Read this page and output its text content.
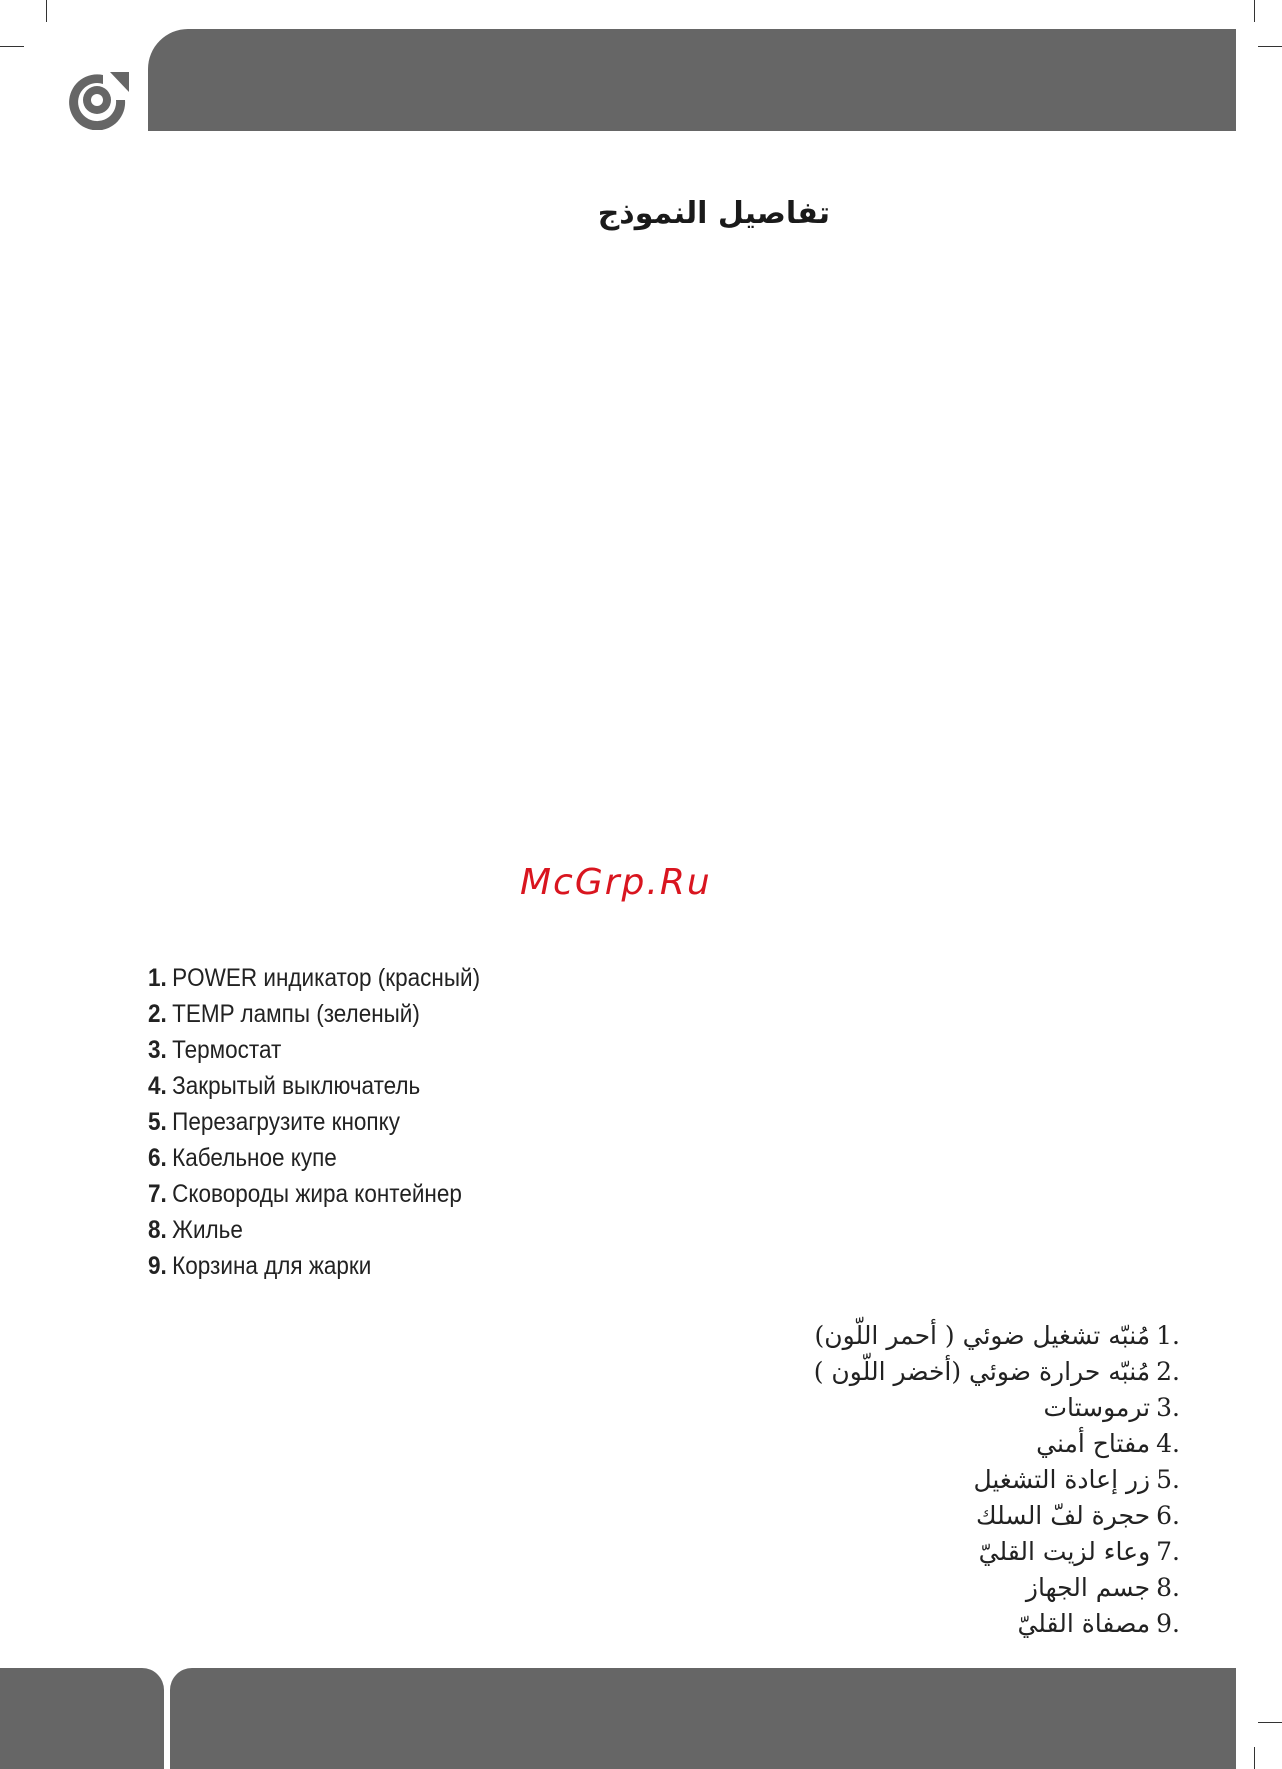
تفاصيل النموذج
McGrp.Ru
1. POWER индикатор (красный)
2. TEMP лампы (зеленый)
3. Термостат
4. Закрытый выключатель
5. Перезагрузите кнопку
6. Кабельное купе
7. Сковороды жира контейнер
8. Жилье
9. Корзина для жарки
مُنبّه تشغيل ضوئي ( أحمر اللّون) 1.
مُنبّه حرارة ضوئي (أخضر اللّون ) 2.
ترموستات 3.
مفتاح أمني 4.
زر إعادة التشغيل 5.
حجرة لفّ السلك 6.
وعاء لزيت القليّ 7.
جسم الجهاز 8.
مصفاة القليّ 9.
